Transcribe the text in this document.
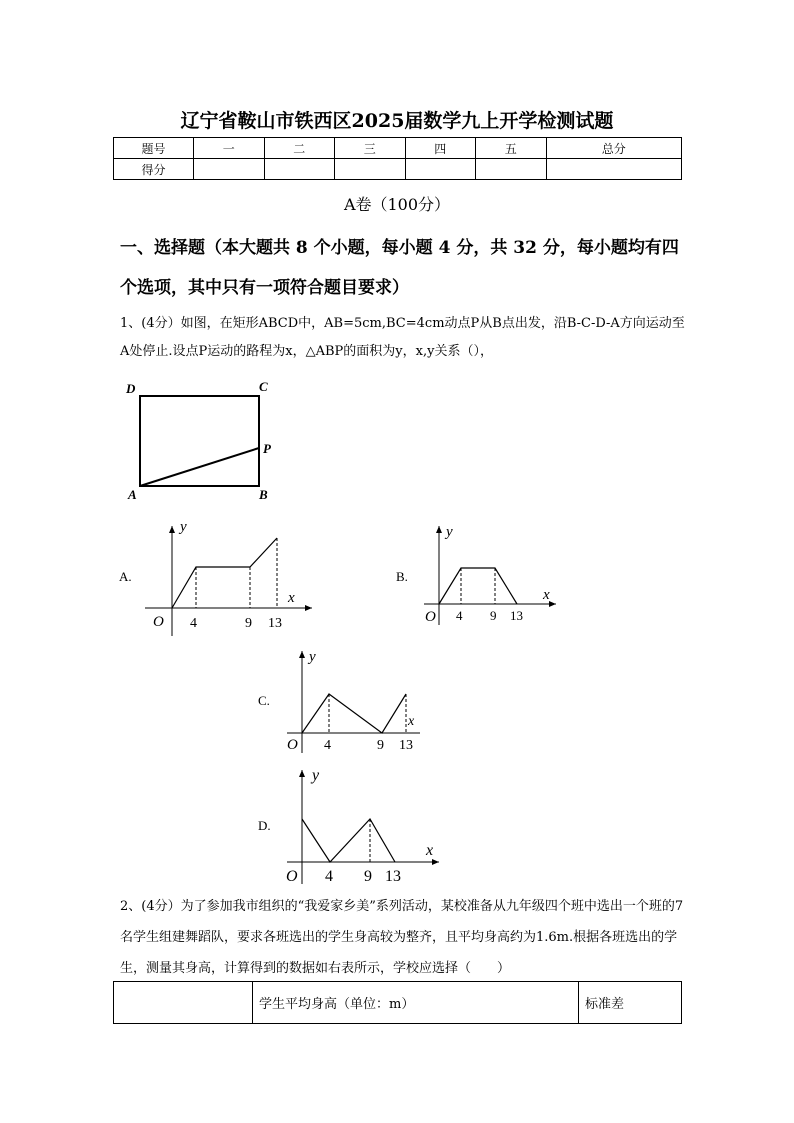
辽宁省鞍山市铁西区2025届数学九上开学检测试题
题号	一	二	三	四	五	总分
得分						
A卷（100分）
一、选择题（本大题共 8 个小题，每小题 4 分，共 32 分，每小题均有四个选项，其中只有一项符合题目要求）
1、(4分）如图，在矩形ABCD中，AB=5cm,BC=4cm动点P从B点出发，沿B-C-D-A方向运动至A处停止.设点P运动的路程为x，△ABP的面积为y，x,y关系（），
D	C
P
A	B
A.
y
x
O 4	9 13
B.
y
x
O 4 9 13
C.
y
x
O 4	9 13
D.
y
x
O 4 9 13
2、(4分）为了参加我市组织的“我爱家乡美”系列活动，某校准备从九年级四个班中选出一个班的7名学生组建舞蹈队，要求各班选出的学生身高较为整齐，且平均身高约为1.6m.根据各班选出的学生，测量其身高，计算得到的数据如右表所示，学校应选择（　　）
	学生平均身高（单位：m）	标准差
